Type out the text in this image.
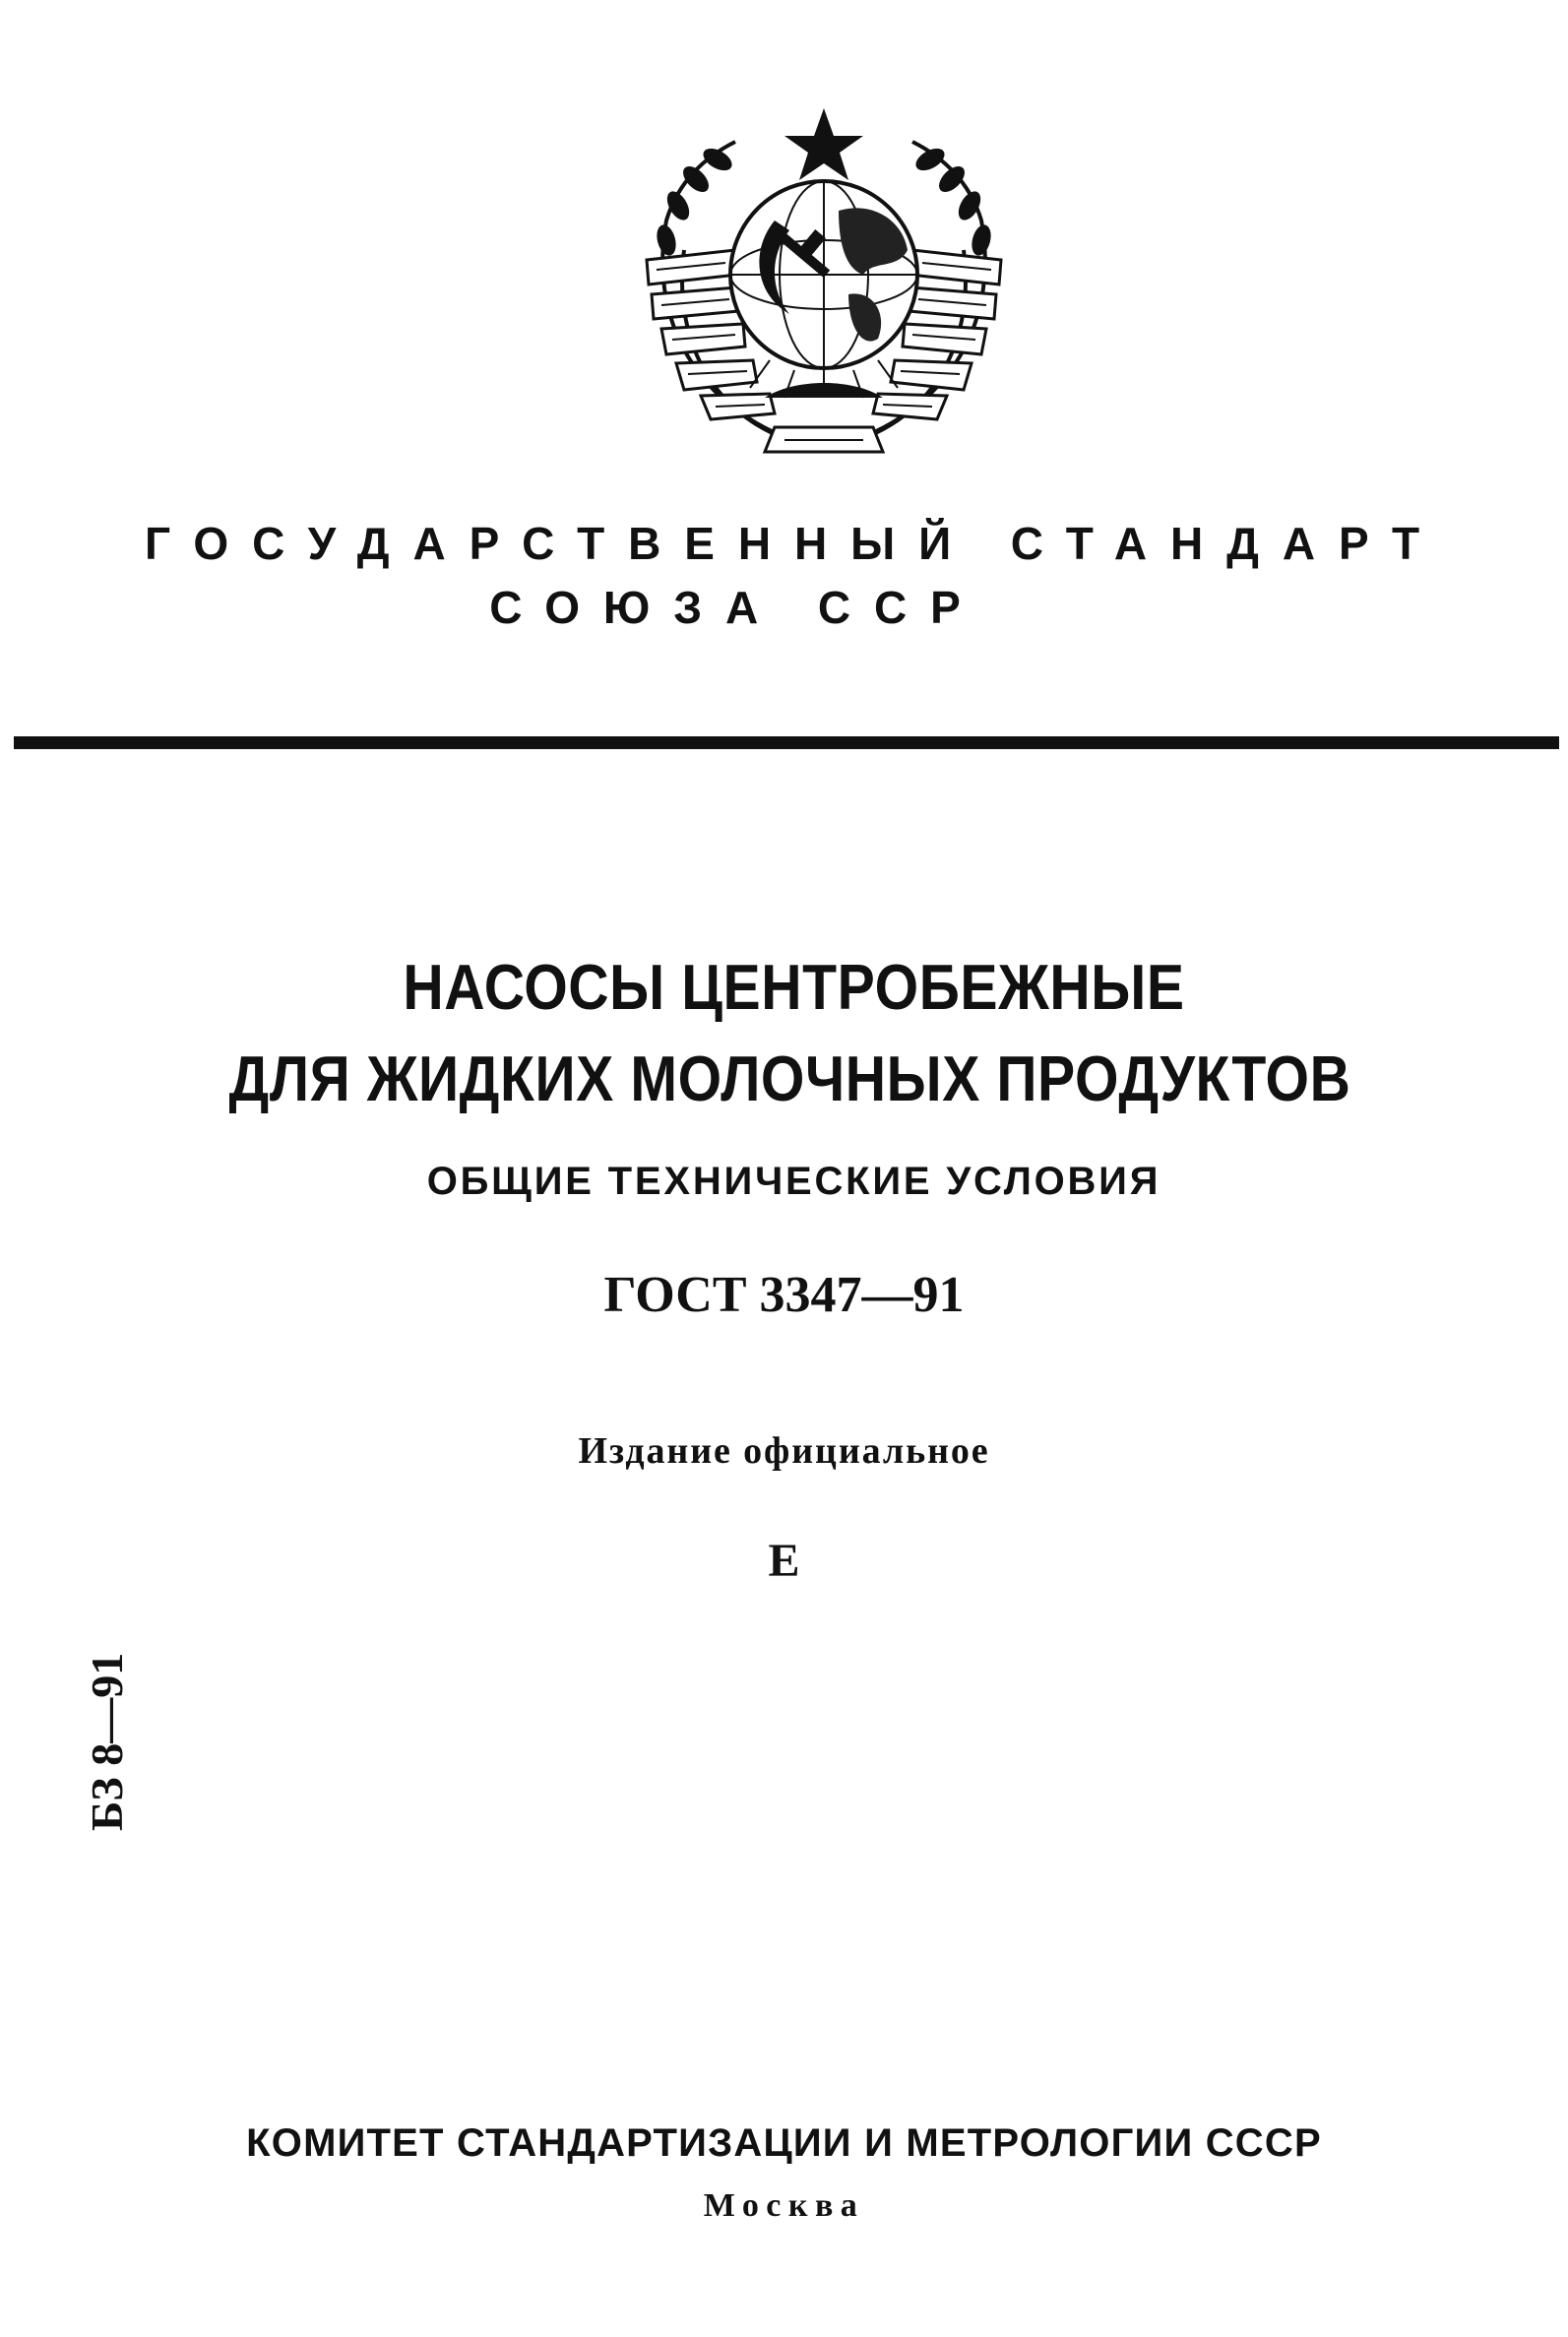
ГОСУДАРСТВЕННЫЙ СТАНДАРТ
СОЮЗА ССР
НАСОСЫ ЦЕНТРОБЕЖНЫЕ
ДЛЯ ЖИДКИХ МОЛОЧНЫХ ПРОДУКТОВ
ОБЩИЕ ТЕХНИЧЕСКИЕ УСЛОВИЯ
ГОСТ 3347—91
Издание официальное
Е
БЗ 8—91
КОМИТЕТ СТАНДАРТИЗАЦИИ И МЕТРОЛОГИИ СССР
Москва
